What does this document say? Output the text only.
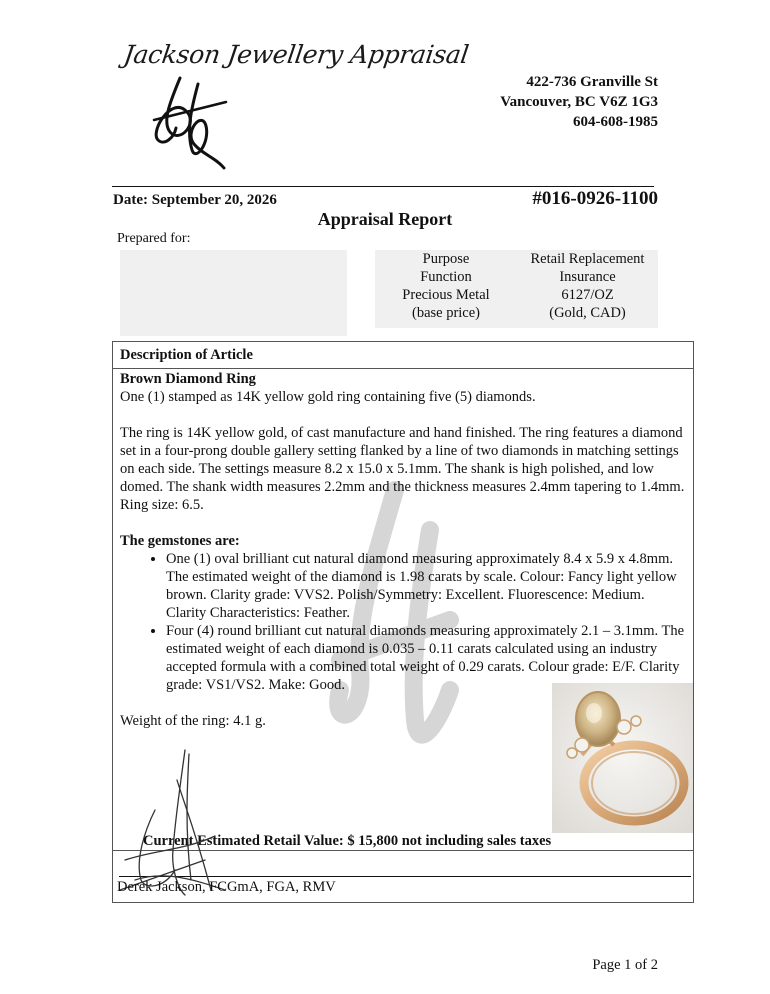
Jackson Jewellery Appraisal
422-736 Granville St
Vancouver, BC V6Z 1G3
604-608-1985
Date: September 20, 2026	#016-0926-1100
Appraisal Report
Prepared for:
Purpose	Retail Replacement
Function	Insurance
Precious Metal	6127/OZ
(base price)	(Gold, CAD)
Description of Article

Brown Diamond Ring

One (1) stamped as 14K yellow gold ring containing five (5) diamonds.

The ring is 14K yellow gold, of cast manufacture and hand finished. The ring features a diamond set in a four-prong double gallery setting flanked by a line of two diamonds in matching settings on each side. The settings measure 8.2 x 15.0 x 5.1mm. The shank is high polished, and low domed. The shank width measures 2.2mm and the thickness measures 2.4mm tapering to 1.4mm. Ring size: 6.5.

The gemstones are:

• One (1) oval brilliant cut natural diamond measuring approximately 8.4 x 5.9 x 4.8mm. The estimated weight of the diamond is 1.98 carats by scale. Colour: Fancy light yellow brown. Clarity grade: VVS2. Polish/Symmetry: Excellent. Fluorescence: Medium. Clarity Characteristics: Feather.
• Four (4) round brilliant cut natural diamonds measuring approximately 2.1 – 3.1mm. The estimated weight of each diamond is 0.035 – 0.11 carats calculated using an industry accepted formula with a combined total weight of 0.29 carats. Colour grade: E/F. Clarity grade: VS1/VS2. Make: Good.

Weight of the ring: 4.1 g.

Current Estimated Retail Value: $ 15,800 not including sales taxes
Derek Jackson, FCGmA, FGA, RMV
Page 1 of 2
